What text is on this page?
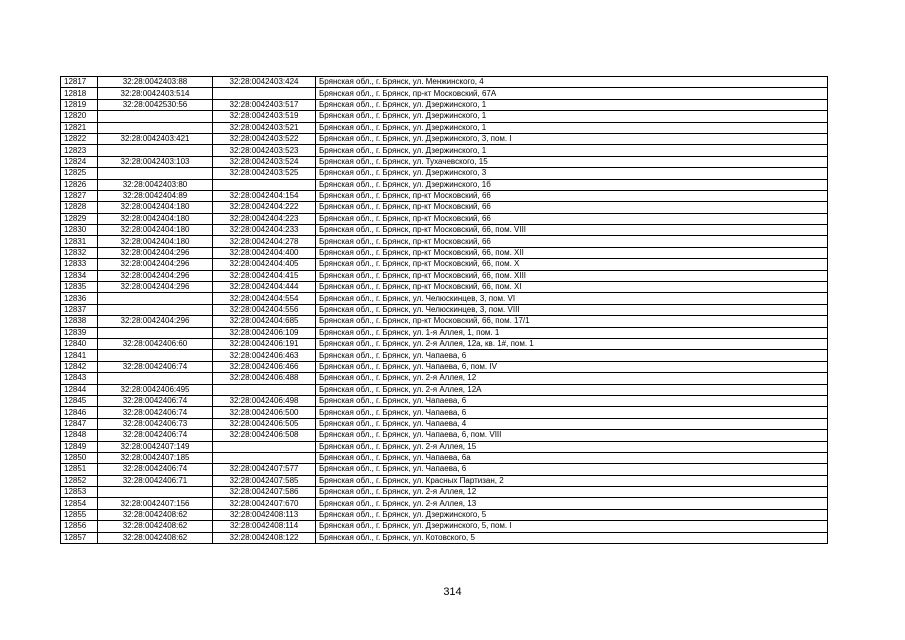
12817	32:28:0042403:88	32:28:0042403:424	Брянская обл., г. Брянск, ул. Менжинского, 4
12818	32:28:0042403:514		Брянская обл., г. Брянск, пр-кт Московский, 67А
12819	32:28:0042530:56	32:28:0042403:517	Брянская обл., г. Брянск, ул. Дзержинского, 1
12820		32:28:0042403:519	Брянская обл., г. Брянск, ул. Дзержинского, 1
12821		32:28:0042403:521	Брянская обл., г. Брянск, ул. Дзержинского, 1
12822	32:28:0042403:421	32:28:0042403:522	Брянская обл., г. Брянск, ул. Дзержинского, 3, пом. I
12823		32:28:0042403:523	Брянская обл., г. Брянск, ул. Дзержинского, 1
12824	32:28:0042403:103	32:28:0042403:524	Брянская обл., г. Брянск, ул. Тухачевского, 15
12825		32:28:0042403:525	Брянская обл., г. Брянск, ул. Дзержинского, 3
12826	32:28:0042403:80		Брянская обл., г. Брянск, ул. Дзержинского, 1б
12827	32:28:0042404:89	32:28:0042404:154	Брянская обл., г. Брянск, пр-кт Московский, 66
12828	32:28:0042404:180	32:28:0042404:222	Брянская обл., г. Брянск, пр-кт Московский, 66
12829	32:28:0042404:180	32:28:0042404:223	Брянская обл., г. Брянск, пр-кт Московский, 66
12830	32:28:0042404:180	32:28:0042404:233	Брянская обл., г. Брянск, пр-кт Московский, 66, пом. VIII
12831	32:28:0042404:180	32:28:0042404:278	Брянская обл., г. Брянск, пр-кт Московский, 66
12832	32:28:0042404:296	32:28:0042404:400	Брянская обл., г. Брянск, пр-кт Московский, 66, пом. XII
12833	32:28:0042404:296	32:28:0042404:405	Брянская обл., г. Брянск, пр-кт Московский, 66, пом. X
12834	32:28:0042404:296	32:28:0042404:415	Брянская обл., г. Брянск, пр-кт Московский, 66, пом. XIII
12835	32:28:0042404:296	32:28:0042404:444	Брянская обл., г. Брянск, пр-кт Московский, 66, пом. XI
12836		32:28:0042404:554	Брянская обл., г. Брянск, ул. Челюскинцев, 3, пом. VI
12837		32:28:0042404:556	Брянская обл., г. Брянск, ул. Челюскинцев, 3, пом. VIII
12838	32:28:0042404:296	32:28:0042404:685	Брянская обл., г. Брянск, пр-кт Московский, 66, пом. 17/1
12839		32:28:0042406:109	Брянская обл., г. Брянск, ул. 1-я Аллея, 1, пом. 1
12840	32:28:0042406:60	32:28:0042406:191	Брянская обл., г. Брянск, ул. 2-я Аллея, 12а, кв. 1#, пом. 1
12841		32:28:0042406:463	Брянская обл., г. Брянск, ул. Чапаева, 6
12842	32:28:0042406:74	32:28:0042406:466	Брянская обл., г. Брянск, ул. Чапаева, 6, пом. IV
12843		32:28:0042406:488	Брянская обл., г. Брянск, ул. 2-я Аллея, 12
12844	32:28:0042406:495		Брянская обл., г. Брянск, ул. 2-я Аллея, 12А
12845	32:28:0042406:74	32:28:0042406:498	Брянская обл., г. Брянск, ул. Чапаева, 6
12846	32:28:0042406:74	32:28:0042406:500	Брянская обл., г. Брянск, ул. Чапаева, 6
12847	32:28:0042406:73	32:28:0042406:505	Брянская обл., г. Брянск, ул. Чапаева, 4
12848	32:28:0042406:74	32:28:0042406:508	Брянская обл., г. Брянск, ул. Чапаева, 6, пом. VIII
12849	32:28:0042407:149		Брянская обл., г. Брянск, ул. 2-я Аллея, 15
12850	32:28:0042407:185		Брянская обл., г. Брянск, ул. Чапаева, 6а
12851	32:28:0042406:74	32:28:0042407:577	Брянская обл., г. Брянск, ул. Чапаева, 6
12852	32:28:0042406:71	32:28:0042407:585	Брянская обл., г. Брянск, ул. Красных Партизан, 2
12853		32:28:0042407:586	Брянская обл., г. Брянск, ул. 2-я Аллея, 12
12854	32:28:0042407:156	32:28:0042407:670	Брянская обл., г. Брянск, ул. 2-я Аллея, 13
12855	32:28:0042408:62	32:28:0042408:113	Брянская обл., г. Брянск, ул. Дзержинского, 5
12856	32:28:0042408:62	32:28:0042408:114	Брянская обл., г. Брянск, ул. Дзержинского, 5, пом. I
12857	32:28:0042408:62	32:28:0042408:122	Брянская обл., г. Брянск, ул. Котовского, 5
314
